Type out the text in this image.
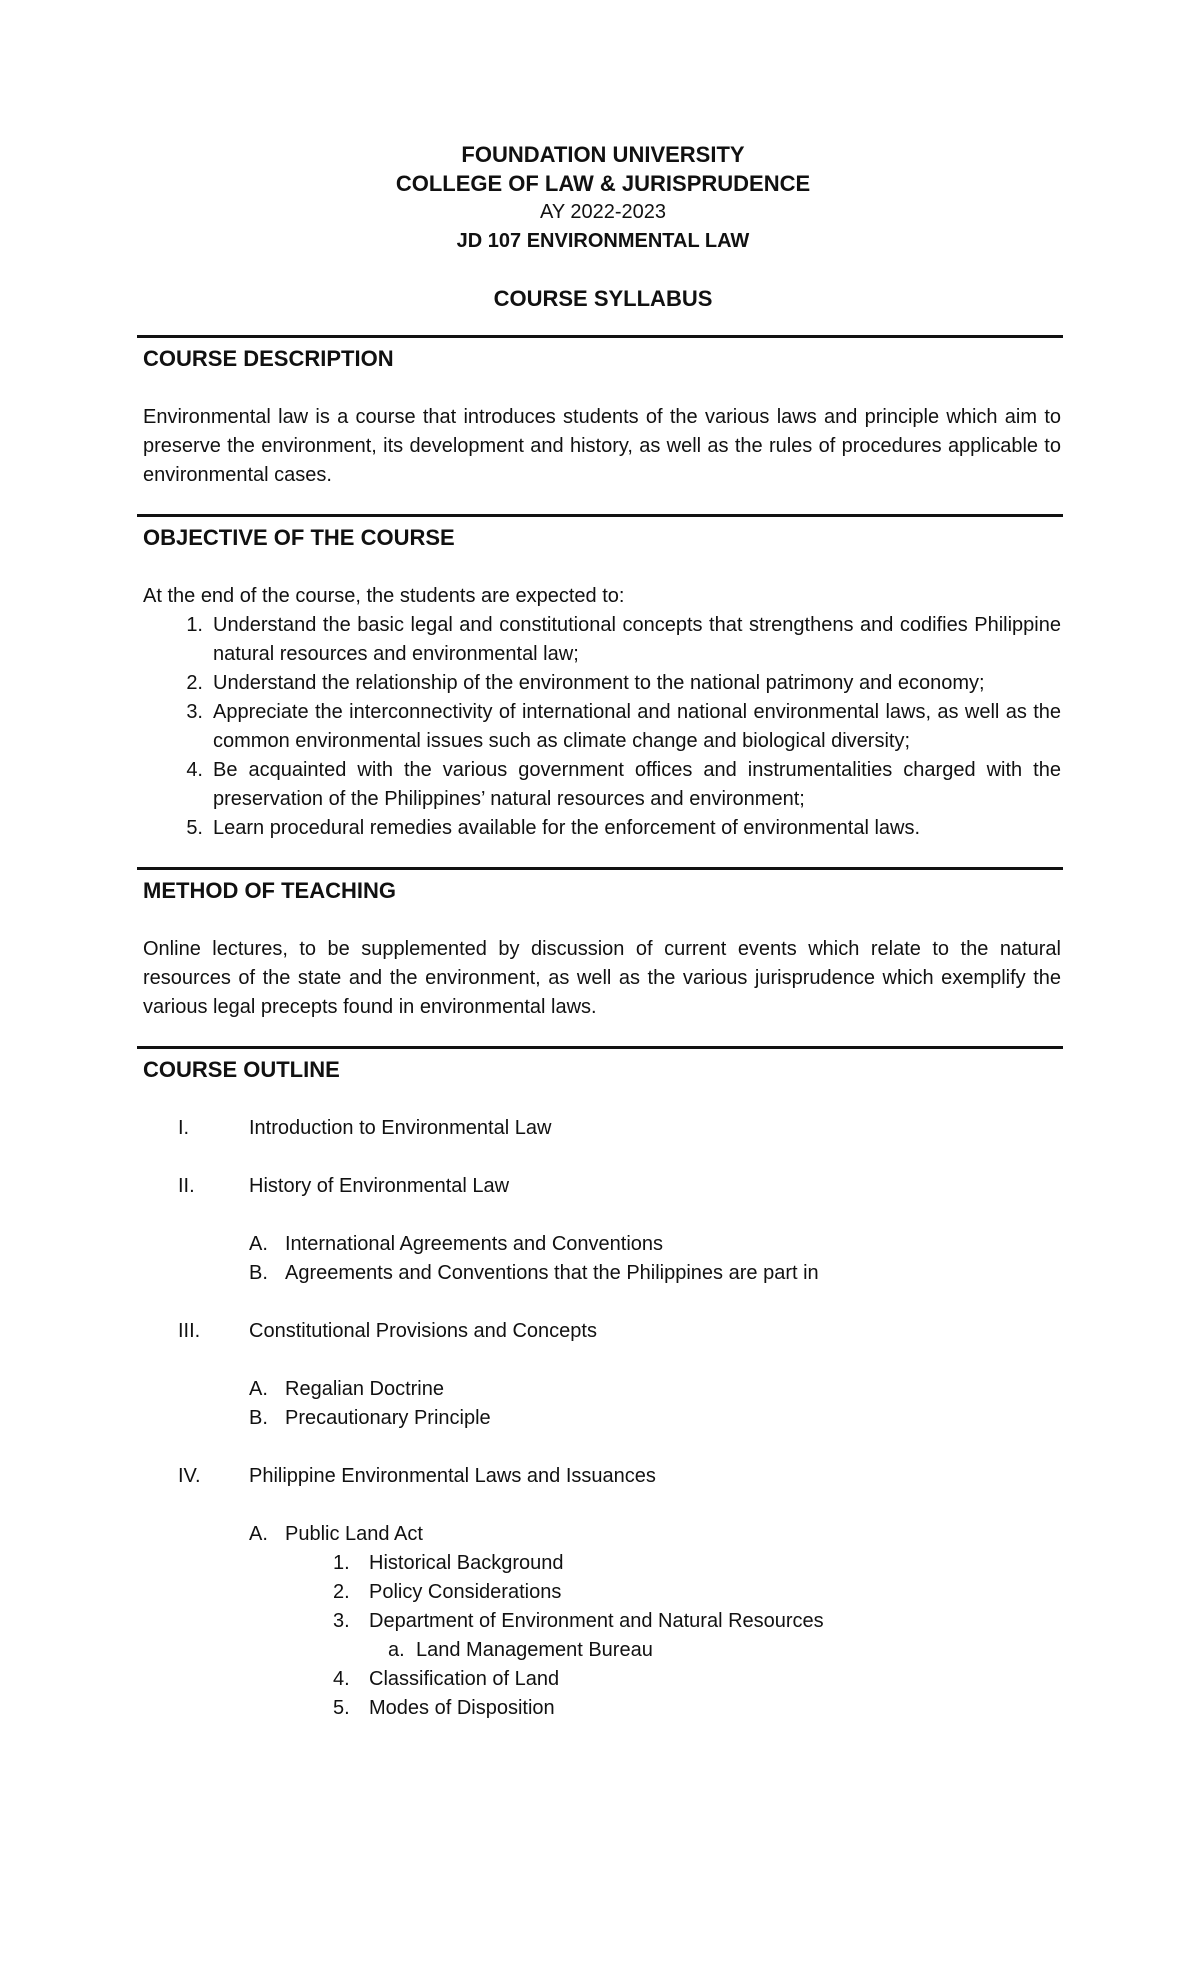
FOUNDATION UNIVERSITY

COLLEGE OF LAW & JURISPRUDENCE

AY 2022-2023

JD 107 ENVIRONMENTAL LAW

COURSE SYLLABUS

COURSE DESCRIPTION

Environmental law is a course that introduces students of the various laws and principle which aim to preserve the environment, its development and history, as well as the rules of procedures applicable to environmental cases.

OBJECTIVE OF THE COURSE

At the end of the course, the students are expected to:

1. Understand the basic legal and constitutional concepts that strengthens and codifies Philippine natural resources and environmental law;
2. Understand the relationship of the environment to the national patrimony and economy;
3. Appreciate the interconnectivity of international and national environmental laws, as well as the common environmental issues such as climate change and biological diversity;
4. Be acquainted with the various government offices and instrumentalities charged with the preservation of the Philippines’ natural resources and environment;
5. Learn procedural remedies available for the enforcement of environmental laws.

METHOD OF TEACHING

Online lectures, to be supplemented by discussion of current events which relate to the natural resources of the state and the environment, as well as the various jurisprudence which exemplify the various legal precepts found in environmental laws.

COURSE OUTLINE

I.	Introduction to Environmental Law
II.	History of Environmental Law
A. International Agreements and Conventions
B. Agreements and Conventions that the Philippines are part in
III.	Constitutional Provisions and Concepts
A. Regalian Doctrine
B. Precautionary Principle
IV.	Philippine Environmental Laws and Issuances
A. Public Land Act
1. Historical Background
2. Policy Considerations
3. Department of Environment and Natural Resources
a. Land Management Bureau
4. Classification of Land
5. Modes of Disposition
